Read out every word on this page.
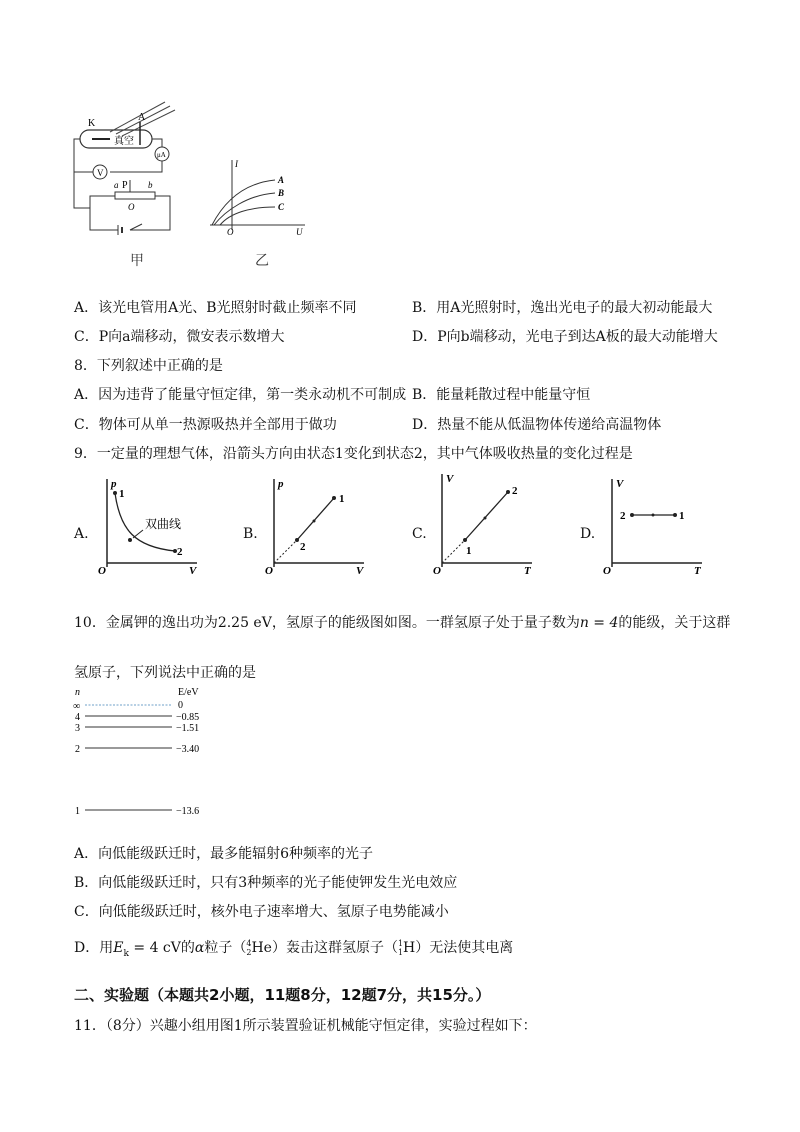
K
A
真空
μA
V
a P b
O
I
U
O
A
B
C
甲	乙
A．该光电管用A光、B光照射时截止频率不同	B．用A光照射时，逸出光电子的最大初动能最大
C．P向a端移动，微安表示数增大	D．P向b端移动，光电子到达A板的最大动能增大
8．下列叙述中正确的是
A．因为违背了能量守恒定律，第一类永动机不可制成 B．能量耗散过程中能量守恒
C．物体可从单一热源吸热并全部用于做功	D．热量不能从低温物体传递给高温物体
9．一定量的理想气体，沿箭头方向由状态1变化到状态2，其中气体吸收热量的变化过程是
A.
p
V
O
1
2
双曲线
B.
p
V
O
2
1
C.
V
T
O
1
2
D.
V
T
O
2	1
10．金属钾的逸出功为2.25 eV，氢原子的能级图如图。一群氢原子处于量子数为n = 4的能级，关于这群
氢原子，下列说法中正确的是
n	E/eV
∞	0
4	−0.85
3	−1.51
2	−3.40
1	−13.6
A．向低能级跃迁时，最多能辐射6种频率的光子
B．向低能级跃迁时，只有3种频率的光子能使钾发生光电效应
C．向低能级跃迁时，核外电子速率增大、氢原子电势能减小
D．用$E_k = 4$ cV的α粒子（4
2He）轰击这群氢原子（1
1H）无法使其电离
二、实验题（本题共2小题，11题8分，12题7分，共15分。）
11．（8分）兴趣小组用图1所示装置验证机械能守恒定律，实验过程如下：
